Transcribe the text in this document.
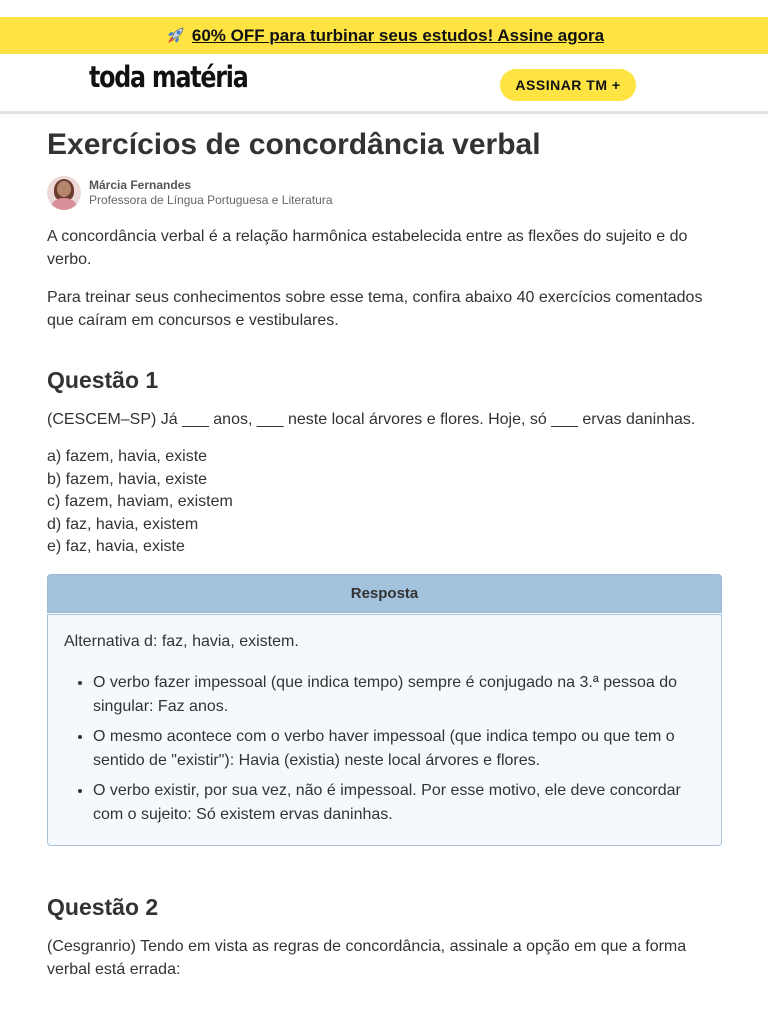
60% OFF para turbinar seus estudos! Assine agora
toda matéria	ASSINAR TM +
Exercícios de concordância verbal
Márcia Fernandes
Professora de Língua Portuguesa e Literatura

A concordância verbal é a relação harmônica estabelecida entre as flexões do sujeito e do verbo.

Para treinar seus conhecimentos sobre esse tema, confira abaixo 40 exercícios comentados que caíram em concursos e vestibulares.

Questão 1

(CESCEM–SP) Já ___ anos, ___ neste local árvores e flores. Hoje, só ___ ervas daninhas.

a) fazem, havia, existe
b) fazem, havia, existe
c) fazem, haviam, existem
d) faz, havia, existem
e) faz, havia, existe
Resposta

Alternativa d: faz, havia, existem.

• O verbo fazer impessoal (que indica tempo) sempre é conjugado na 3.ª pessoa do singular: Faz anos.
• O mesmo acontece com o verbo haver impessoal (que indica tempo ou que tem o sentido de "existir"): Havia (existia) neste local árvores e flores.
• O verbo existir, por sua vez, não é impessoal. Por esse motivo, ele deve concordar com o sujeito: Só existem ervas daninhas.
Questão 2

(Cesgranrio) Tendo em vista as regras de concordância, assinale a opção em que a forma verbal está errada:
